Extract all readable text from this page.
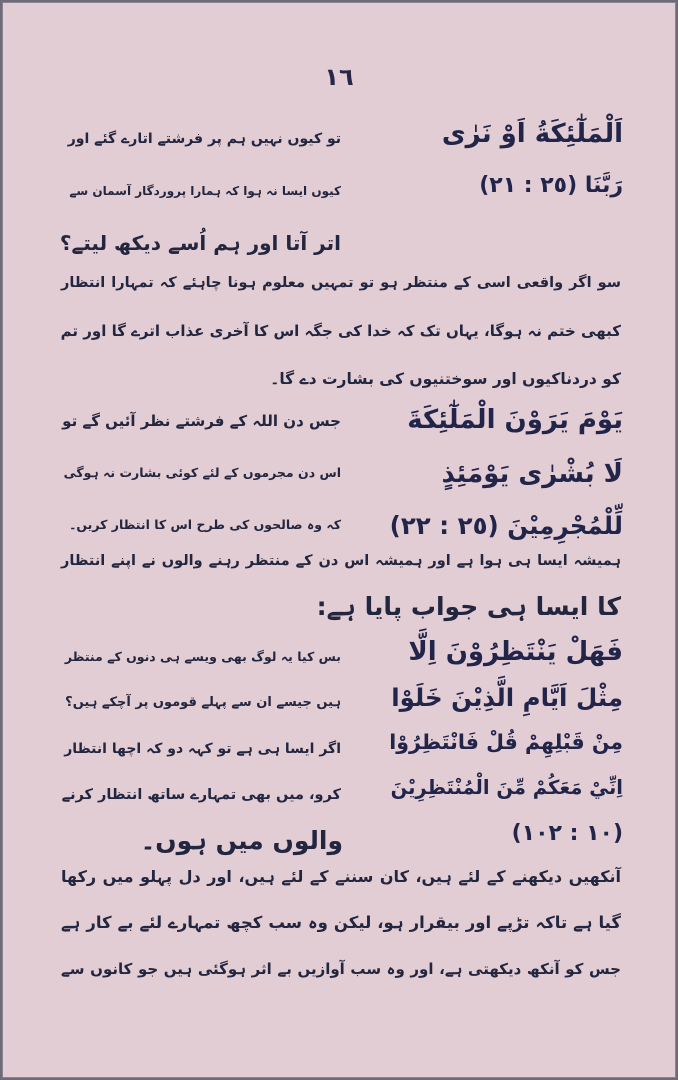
١٦
اَلْمَلٰٓئِكَةُ اَوْ نَرٰى
رَبَّنَا (٢٥ : ٢١)
تو کیوں نہیں ہم پر فرشتے اتارے گئے اور
کیوں ایسا نہ ہوا کہ ہمارا پروردگار آسمان سے
اتر آتا اور ہم اُسے دیکھ لیتے؟
سو اگر واقعی اسی کے منتظر ہو تو تمہیں معلوم ہونا چاہئے کہ تمہارا انتظار
کبھی ختم نہ ہوگا، یہاں تک کہ خدا کی جگہ اس کا آخری عذاب اترے گا اور تم
کو دردناکیوں اور سوختنیوں کی بشارت دے گا۔
يَوْمَ يَرَوْنَ الْمَلٰٓئِكَةَ
لَا بُشْرٰى يَوْمَئِذٍ
لِّلْمُجْرِمِيْنَ (٢٥ : ٢٢)
جس دن اللہ کے فرشتے نظر آئیں گے تو
اس دن مجرموں کے لئے کوئی بشارت نہ ہوگی
کہ وہ صالحوں کی طرح اس کا انتظار کریں۔
ہمیشہ ایسا ہی ہوا ہے اور ہمیشہ اس دن کے منتظر رہنے والوں نے اپنے انتظار
کا ایسا ہی جواب پایا ہے:
فَهَلْ يَنْتَظِرُوْنَ اِلَّا
مِثْلَ اَيَّامِ الَّذِيْنَ خَلَوْا
مِنْ قَبْلِهِمْ قُلْ فَانْتَظِرُوْا
اِنِّيْ مَعَكُمْ مِّنَ الْمُنْتَظِرِيْنَ
(١٠ : ١٠٢)
بس کیا یہ لوگ بھی ویسے ہی دنوں کے منتظر
ہیں جیسے ان سے پہلے قوموں پر آچکے ہیں؟
اگر ایسا ہی ہے تو کہہ دو کہ اچھا انتظار
کرو، میں بھی تمہارے ساتھ انتظار کرنے
والوں میں ہوں۔
آنکھیں دیکھنے کے لئے ہیں، کان سننے کے لئے ہیں، اور دل پہلو میں رکھا
گیا ہے تاکہ تڑپے اور بیقرار ہو، لیکن وہ سب کچھ تمہارے لئے بے کار ہے
جس کو آنکھ دیکھتی ہے، اور وہ سب آوازیں بے اثر ہوگئی ہیں جو کانوں سے
